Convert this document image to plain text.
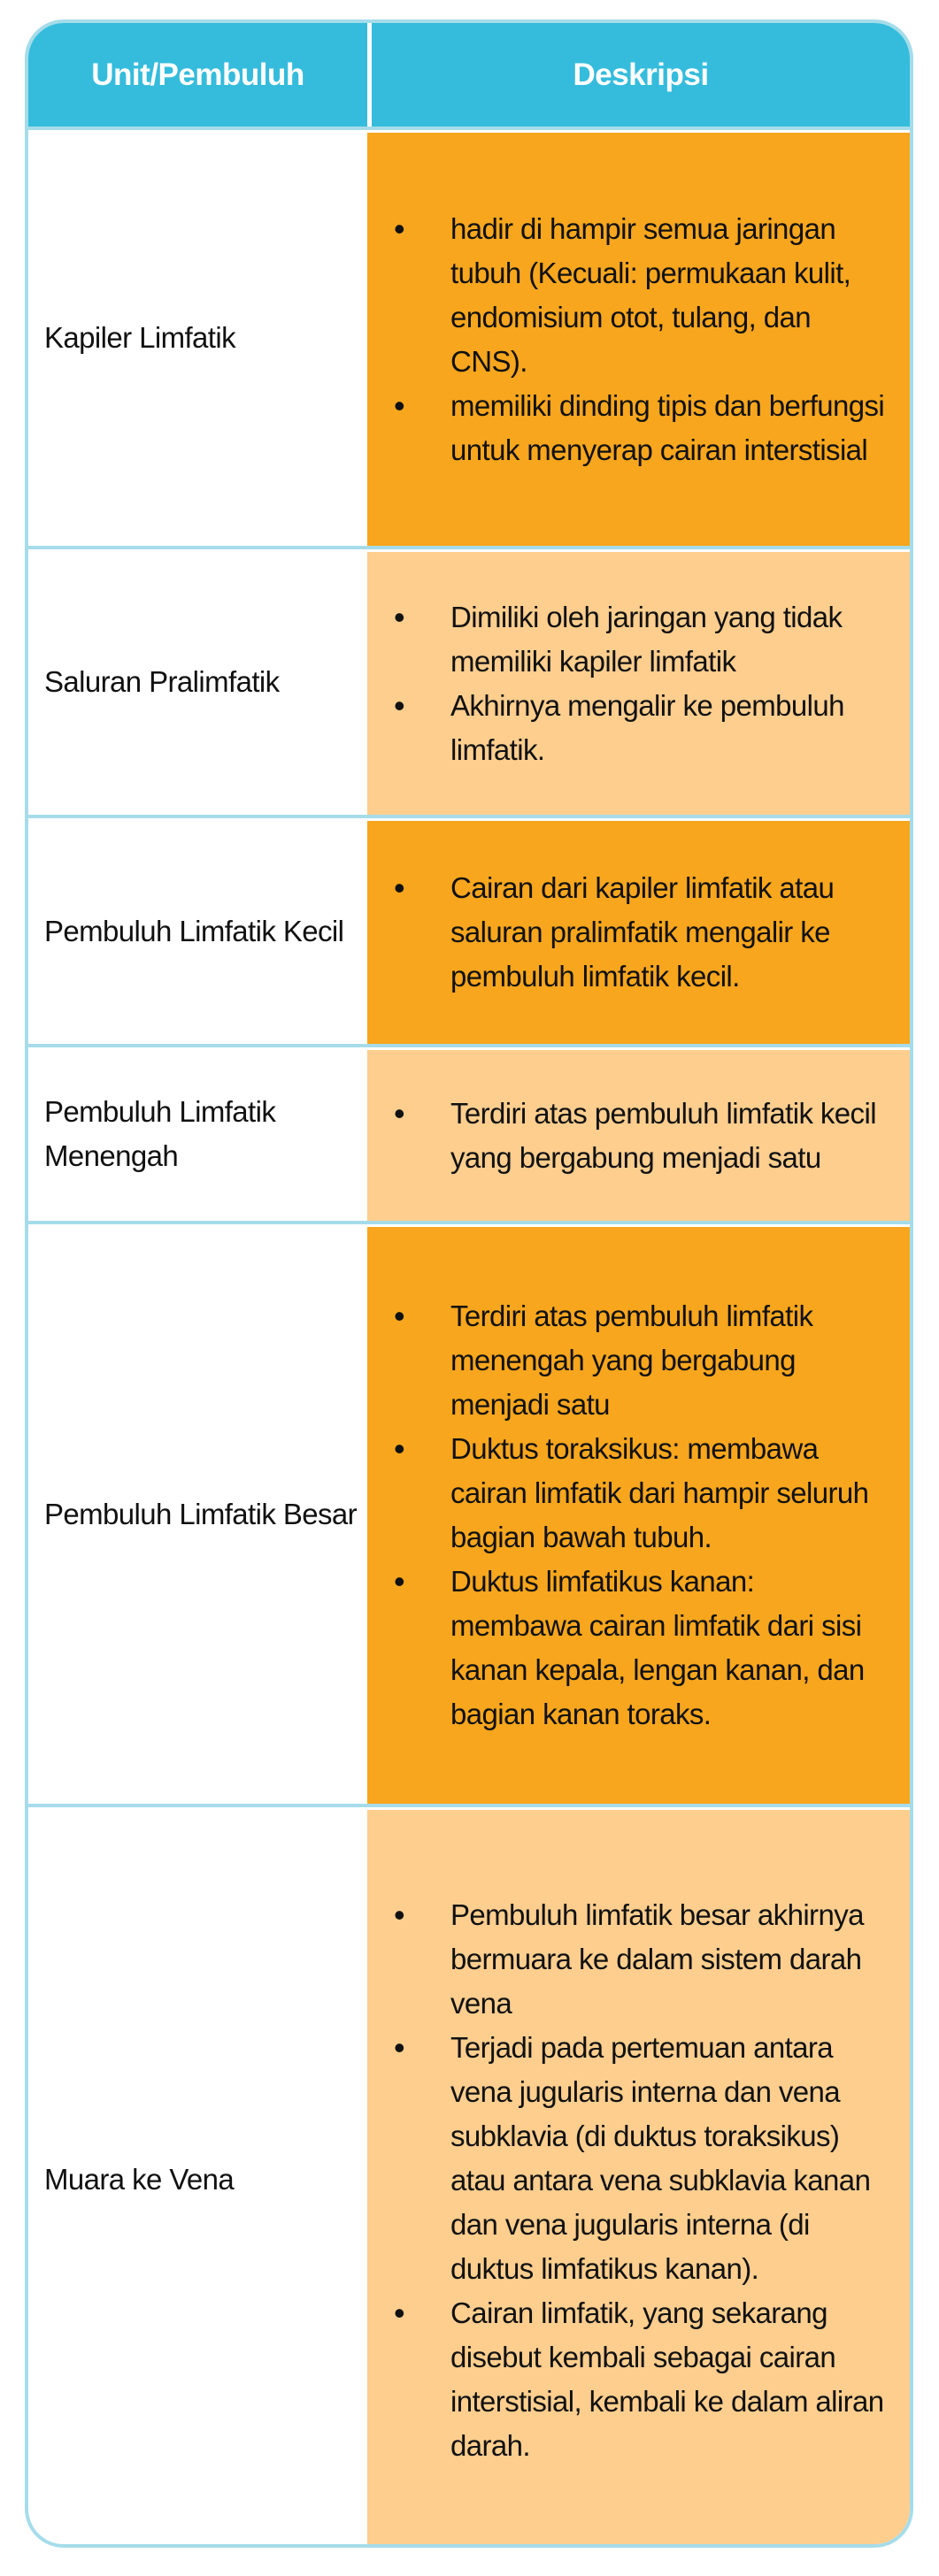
Unit/Pembuluh	Deskripsi
Kapiler Limfatik
• hadir di hampir semua jaringan tubuh (Kecuali: permukaan kulit, endomisium otot, tulang, dan CNS).
• memiliki dinding tipis dan berfungsi untuk menyerap cairan interstisial
Saluran Pralimfatik
• Dimiliki oleh jaringan yang tidak memiliki kapiler limfatik
• Akhirnya mengalir ke pembuluh limfatik.
Pembuluh Limfatik Kecil
• Cairan dari kapiler limfatik atau saluran pralimfatik mengalir ke pembuluh limfatik kecil.
Pembuluh Limfatik Menengah
• Terdiri atas pembuluh limfatik kecil yang bergabung menjadi satu
Pembuluh Limfatik Besar
• Terdiri atas pembuluh limfatik menengah yang bergabung menjadi satu
• Duktus toraksikus: membawa cairan limfatik dari hampir seluruh bagian bawah tubuh.
• Duktus limfatikus kanan: membawa cairan limfatik dari sisi kanan kepala, lengan kanan, dan bagian kanan toraks.
Muara ke Vena
• Pembuluh limfatik besar akhirnya bermuara ke dalam sistem darah vena
• Terjadi pada pertemuan antara vena jugularis interna dan vena subklavia (di duktus toraksikus) atau antara vena subklavia kanan dan vena jugularis interna (di duktus limfatikus kanan).
• Cairan limfatik, yang sekarang disebut kembali sebagai cairan interstisial, kembali ke dalam aliran darah.
